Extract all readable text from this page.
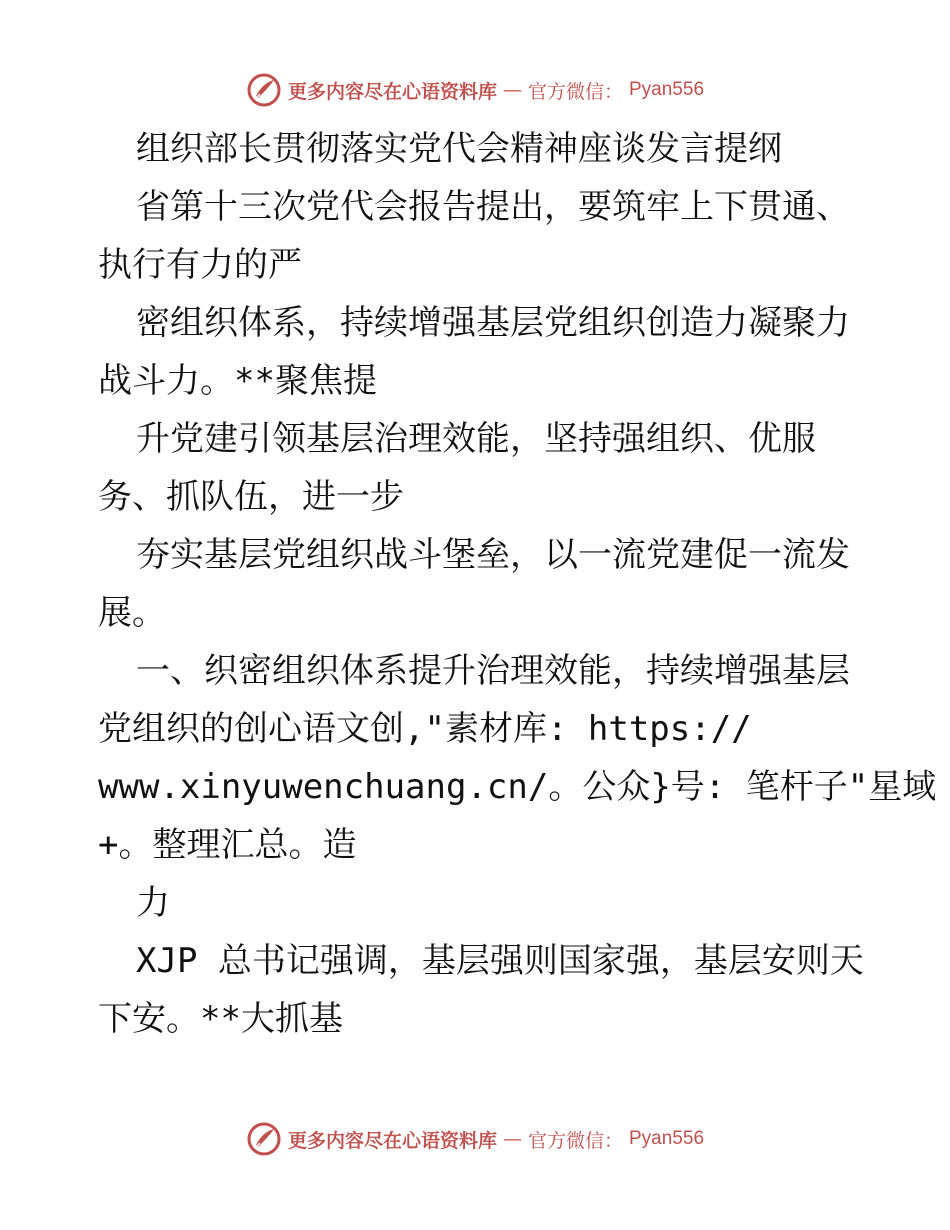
更多内容尽在心语资料库 — 官方微信： Pyan556
组织部长贯彻落实党代会精神座谈发言提纲
省第十三次党代会报告提出，要筑牢上下贯通、
执行有力的严
密组织体系，持续增强基层党组织创造力凝聚力
战斗力。**聚焦提
升党建引领基层治理效能，坚持强组织、优服
务、抓队伍，进一步
夯实基层党组织战斗堡垒，以一流党建促一流发
展。
一、织密组织体系提升治理效能，持续增强基层
党组织的创心语文创,"素材库: https://
www.xinyuwenchuang.cn/。公众}号: 笔杆子"星域
+。整理汇总。造
力
XJP 总书记强调，基层强则国家强，基层安则天
下安。**大抓基
更多内容尽在心语资料库 — 官方微信： Pyan556
